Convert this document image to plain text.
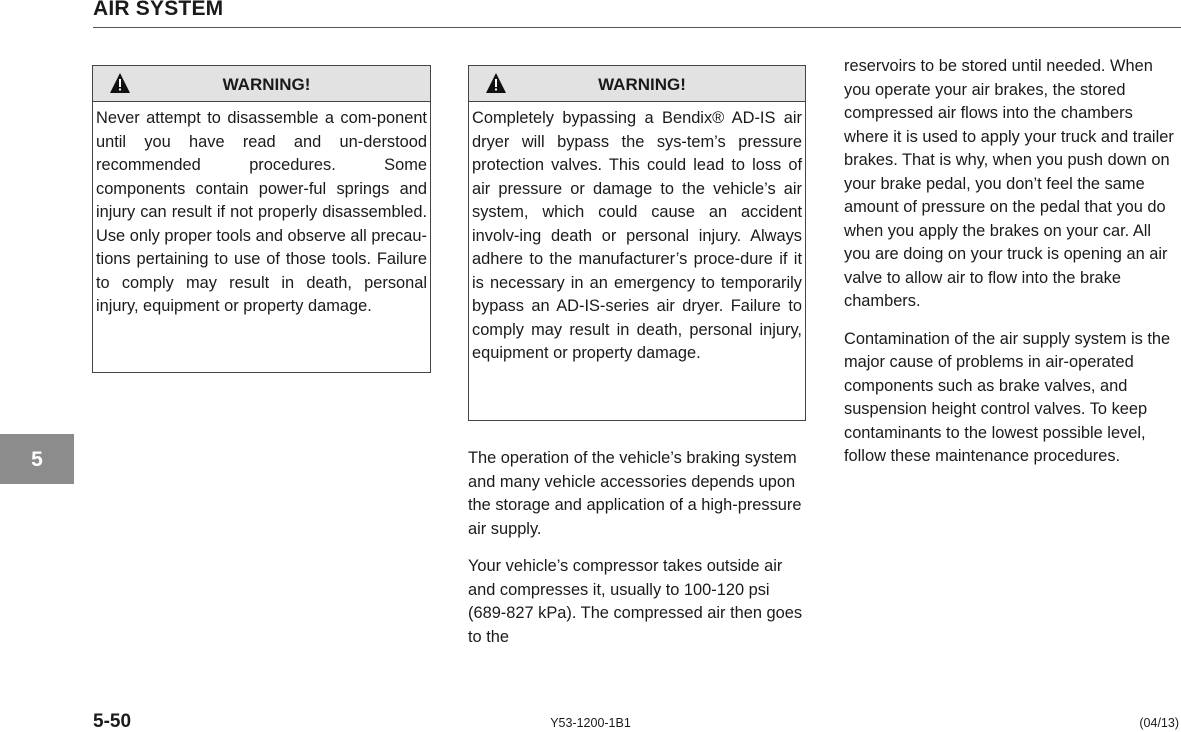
AIR SYSTEM
WARNING!
Never attempt to disassemble a com-ponent until you have read and un-derstood recommended procedures. Some components contain power-ful springs and injury can result if not properly disassembled. Use only proper tools and observe all precau-tions pertaining to use of those tools. Failure to comply may result in death, personal injury, equipment or property damage.
WARNING!
Completely bypassing a Bendix® AD-IS air dryer will bypass the sys-tem’s pressure protection valves. This could lead to loss of air pressure or damage to the vehicle’s air system, which could cause an accident involv-ing death or personal injury. Always adhere to the manufacturer’s proce-dure if it is necessary in an emergency to temporarily bypass an AD-IS-series air dryer. Failure to comply may result in death, personal injury, equipment or property damage.

The operation of the vehicle’s braking system and many vehicle accessories depends upon the storage and application of a high-pressure air supply.

Your vehicle’s compressor takes outside air and compresses it, usually to 100-120 psi (689-827 kPa). The compressed air then goes to the

reservoirs to be stored until needed. When you operate your air brakes, the stored compressed air flows into the chambers where it is used to apply your truck and trailer brakes. That is why, when you push down on your brake pedal, you don’t feel the same amount of pressure on the pedal that you do when you apply the brakes on your car. All you are doing on your truck is opening an air valve to allow air to flow into the brake chambers.

Contamination of the air supply system is the major cause of problems in air-operated components such as brake valves, and suspension height control valves. To keep contaminants to the lowest possible level, follow these maintenance procedures.

5
5-50	Y53-1200-1B1	(04/13)
